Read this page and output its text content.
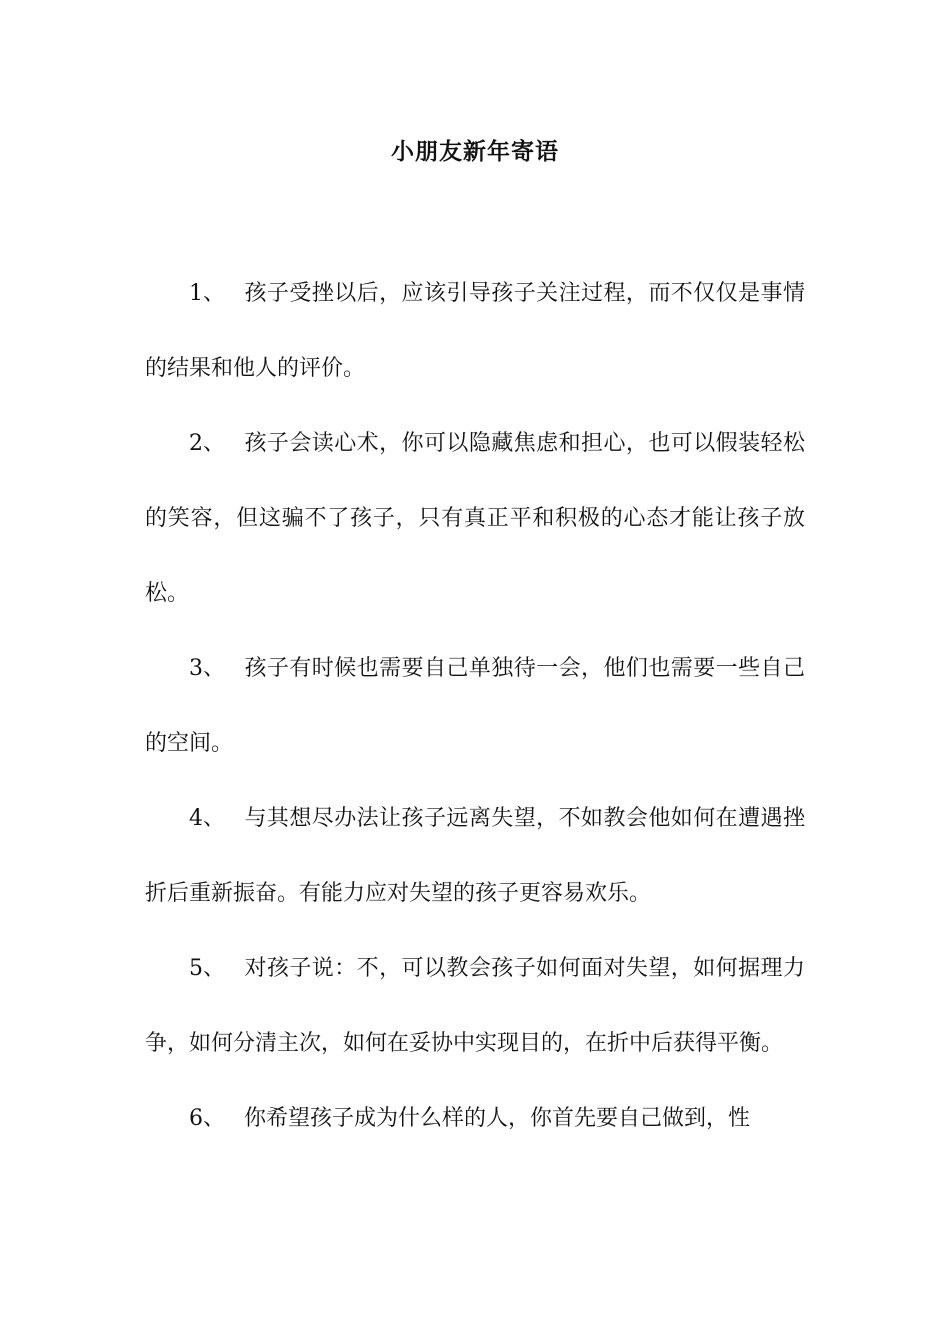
小朋友新年寄语

1、 孩子受挫以后，应该引导孩子关注过程，而不仅仅是事情的结果和他人的评价。

2、 孩子会读心术，你可以隐藏焦虑和担心，也可以假装轻松的笑容，但这骗不了孩子，只有真正平和积极的心态才能让孩子放松。

3、 孩子有时候也需要自己单独待一会，他们也需要一些自己的空间。

4、 与其想尽办法让孩子远离失望，不如教会他如何在遭遇挫折后重新振奋。有能力应对失望的孩子更容易欢乐。

5、 对孩子说：不，可以教会孩子如何面对失望，如何据理力争，如何分清主次，如何在妥协中实现目的，在折中后获得平衡。

6、 你希望孩子成为什么样的人，你首先要自己做到，性
